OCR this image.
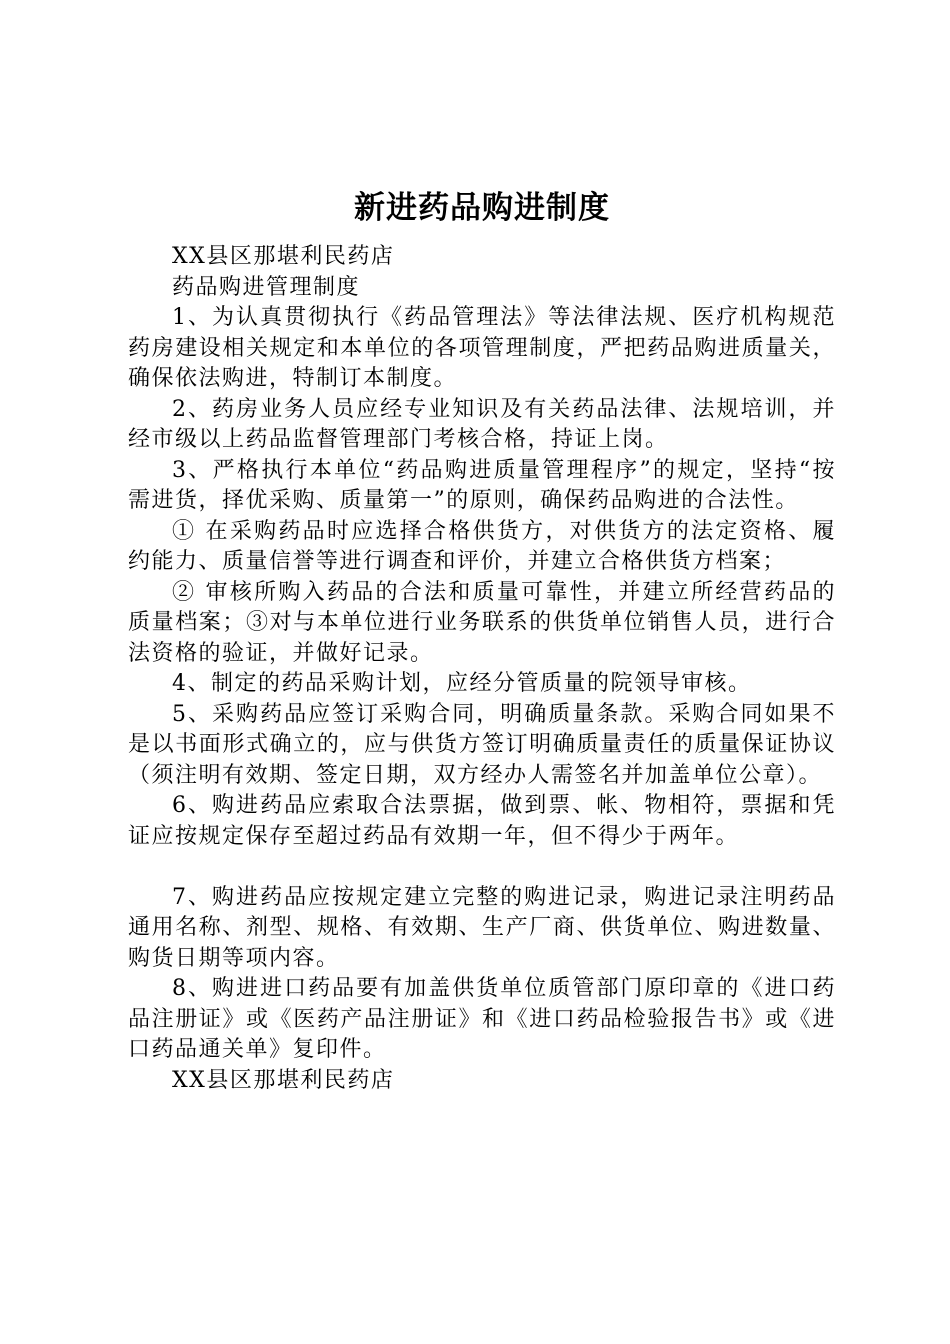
新进药品购进制度

XX县区那堪利民药店

药品购进管理制度

1、为认真贯彻执行《药品管理法》等法律法规、医疗机构规范药房建设相关规定和本单位的各项管理制度，严把药品购进质量关，确保依法购进，特制订本制度。

2、药房业务人员应经专业知识及有关药品法律、法规培训，并经市级以上药品监督管理部门考核合格，持证上岗。

3、严格执行本单位“药品购进质量管理程序”的规定，坚持“按需进货，择优采购、质量第一”的原则，确保药品购进的合法性。

① 在采购药品时应选择合格供货方，对供货方的法定资格、履约能力、质量信誉等进行调查和评价，并建立合格供货方档案；

② 审核所购入药品的合法和质量可靠性，并建立所经营药品的质量档案；③对与本单位进行业务联系的供货单位销售人员，进行合法资格的验证，并做好记录。

4、制定的药品采购计划，应经分管质量的院领导审核。

5、采购药品应签订采购合同，明确质量条款。采购合同如果不是以书面形式确立的，应与供货方签订明确质量责任的质量保证协议（须注明有效期、签定日期，双方经办人需签名并加盖单位公章）。

6、购进药品应索取合法票据，做到票、帐、物相符，票据和凭证应按规定保存至超过药品有效期一年，但不得少于两年。

7、购进药品应按规定建立完整的购进记录，购进记录注明药品通用名称、剂型、规格、有效期、生产厂商、供货单位、购进数量、购货日期等项内容。

8、购进进口药品要有加盖供货单位质管部门原印章的《进口药品注册证》或《医药产品注册证》和《进口药品检验报告书》或《进口药品通关单》复印件。

XX县区那堪利民药店
